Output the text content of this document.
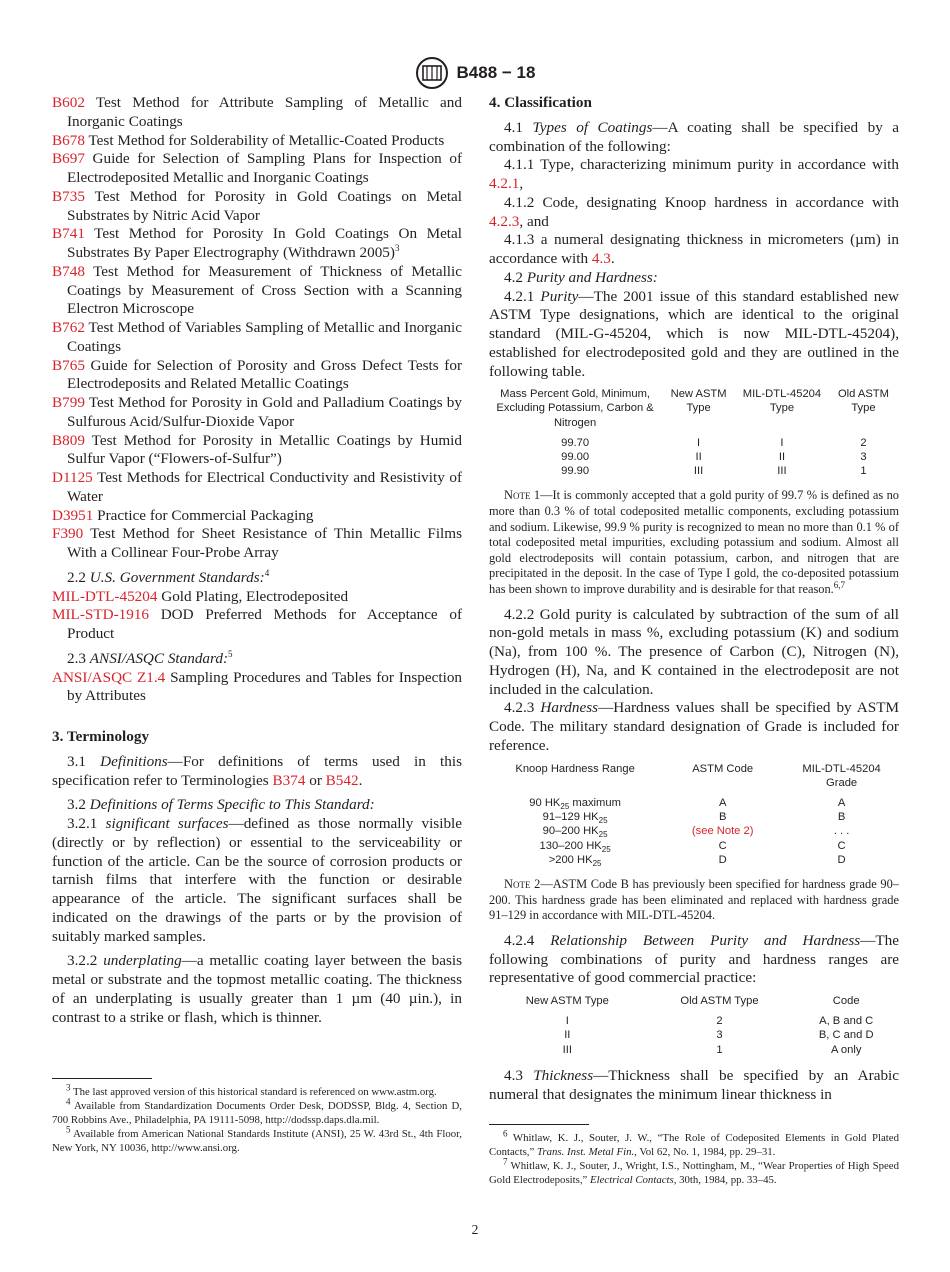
B488 − 18

B602 Test Method for Attribute Sampling of Metallic and Inorganic Coatings

B678 Test Method for Solderability of Metallic-Coated Products

B697 Guide for Selection of Sampling Plans for Inspection of Electrodeposited Metallic and Inorganic Coatings

B735 Test Method for Porosity in Gold Coatings on Metal Substrates by Nitric Acid Vapor

B741 Test Method for Porosity In Gold Coatings On Metal Substrates By Paper Electrography (Withdrawn 2005)$^3$

B748 Test Method for Measurement of Thickness of Metallic Coatings by Measurement of Cross Section with a Scanning Electron Microscope

B762 Test Method of Variables Sampling of Metallic and Inorganic Coatings

B765 Guide for Selection of Porosity and Gross Defect Tests for Electrodeposits and Related Metallic Coatings

B799 Test Method for Porosity in Gold and Palladium Coatings by Sulfurous Acid/Sulfur-Dioxide Vapor

B809 Test Method for Porosity in Metallic Coatings by Humid Sulfur Vapor (“Flowers-of-Sulfur”)

D1125 Test Methods for Electrical Conductivity and Resistivity of Water

D3951 Practice for Commercial Packaging

F390 Test Method for Sheet Resistance of Thin Metallic Films With a Collinear Four-Probe Array

2.2 U.S. Government Standards:$^4$

MIL-DTL-45204 Gold Plating, Electrodeposited

MIL-STD-1916 DOD Preferred Methods for Acceptance of Product

2.3 ANSI/ASQC Standard:$^5$

ANSI/ASQC Z1.4 Sampling Procedures and Tables for Inspection by Attributes

3. Terminology

3.1 Definitions—For definitions of terms used in this specification refer to Terminologies B374 or B542.

3.2 Definitions of Terms Specific to This Standard:

3.2.1 significant surfaces—defined as those normally visible (directly or by reflection) or essential to the serviceability or function of the article. Can be the source of corrosion products or tarnish films that interfere with the function or desirable appearance of the article. The significant surfaces shall be indicated on the drawings of the parts or by the provision of suitably marked samples.

3.2.2 underplating—a metallic coating layer between the basis metal or substrate and the topmost metallic coating. The thickness of an underplating is usually greater than 1 µm (40 µin.), in contrast to a strike or flash, which is thinner.

$^3$ The last approved version of this historical standard is referenced on www.astm.org.

$^4$ Available from Standardization Documents Order Desk, DODSSP, Bldg. 4, Section D, 700 Robbins Ave., Philadelphia, PA 19111-5098, http://dodssp.daps.dla.mil.

$^5$ Available from American National Standards Institute (ANSI), 25 W. 43rd St., 4th Floor, New York, NY 10036, http://www.ansi.org.

4. Classification

4.1 Types of Coatings—A coating shall be specified by a combination of the following:

4.1.1 Type, characterizing minimum purity in accordance with 4.2.1,

4.1.2 Code, designating Knoop hardness in accordance with 4.2.3, and

4.1.3 a numeral designating thickness in micrometers (µm) in accordance with 4.3.

4.2 Purity and Hardness:

4.2.1 Purity—The 2001 issue of this standard established new ASTM Type designations, which are identical to the original standard (MIL-G-45204, which is now MIL-DTL-45204), established for electrodeposited gold and they are outlined in the following table.

Mass Percent Gold, Minimum, Excluding Potassium, Carbon & Nitrogen	New ASTM Type	MIL-DTL-45204 Type	Old ASTM Type
99.70	I	I	2
99.00	II	II	3
99.90	III	III	1

Note 1—It is commonly accepted that a gold purity of 99.7 % is defined as no more than 0.3 % of total codeposited metallic components, excluding potassium and sodium. Likewise, 99.9 % purity is recognized to mean no more than 0.1 % of total codeposited metal impurities, excluding potassium and sodium. Almost all gold electrodeposits will contain potassium, carbon, and nitrogen that are precipitated in the deposit. In the case of Type I gold, the co-deposited potassium has been shown to improve durability and is desirable for that reason.$^{6,7}$

4.2.2 Gold purity is calculated by subtraction of the sum of all non-gold metals in mass %, excluding potassium (K) and sodium (Na), from 100 %. The presence of Carbon (C), Nitrogen (N), Hydrogen (H), Na, and K contained in the electrodeposit are not included in the calculation.

4.2.3 Hardness—Hardness values shall be specified by ASTM Code. The military standard designation of Grade is included for reference.

Knoop Hardness Range	ASTM Code	MIL-DTL-45204 Grade
90 $HK_{25}$ maximum	A	A
91–129 $HK_{25}$	B	B
90–200 $HK_{25}$	(see Note 2)	. . .
130–200 $HK_{25}$	C	C
>200 $HK_{25}$	D	D

Note 2—ASTM Code B has previously been specified for hardness grade 90–200. This hardness grade has been eliminated and replaced with hardness grade 91–129 in accordance with MIL-DTL-45204.

4.2.4 Relationship Between Purity and Hardness—The following combinations of purity and hardness ranges are representative of good commercial practice:

New ASTM Type	Old ASTM Type	Code
I	2	A, B and C
II	3	B, C and D
III	1	A only

4.3 Thickness—Thickness shall be specified by an Arabic numeral that designates the minimum linear thickness in

$^6$ Whitlaw, K. J., Souter, J. W., “The Role of Codeposited Elements in Gold Plated Contacts,” Trans. Inst. Metal Fin., Vol 62, No. 1, 1984, pp. 29–31.

$^7$ Whitlaw, K. J., Souter, J., Wright, I.S., Nottingham, M., “Wear Properties of High Speed Gold Electrodeposits,” Electrical Contacts, 30th, 1984, pp. 33–45.

2
